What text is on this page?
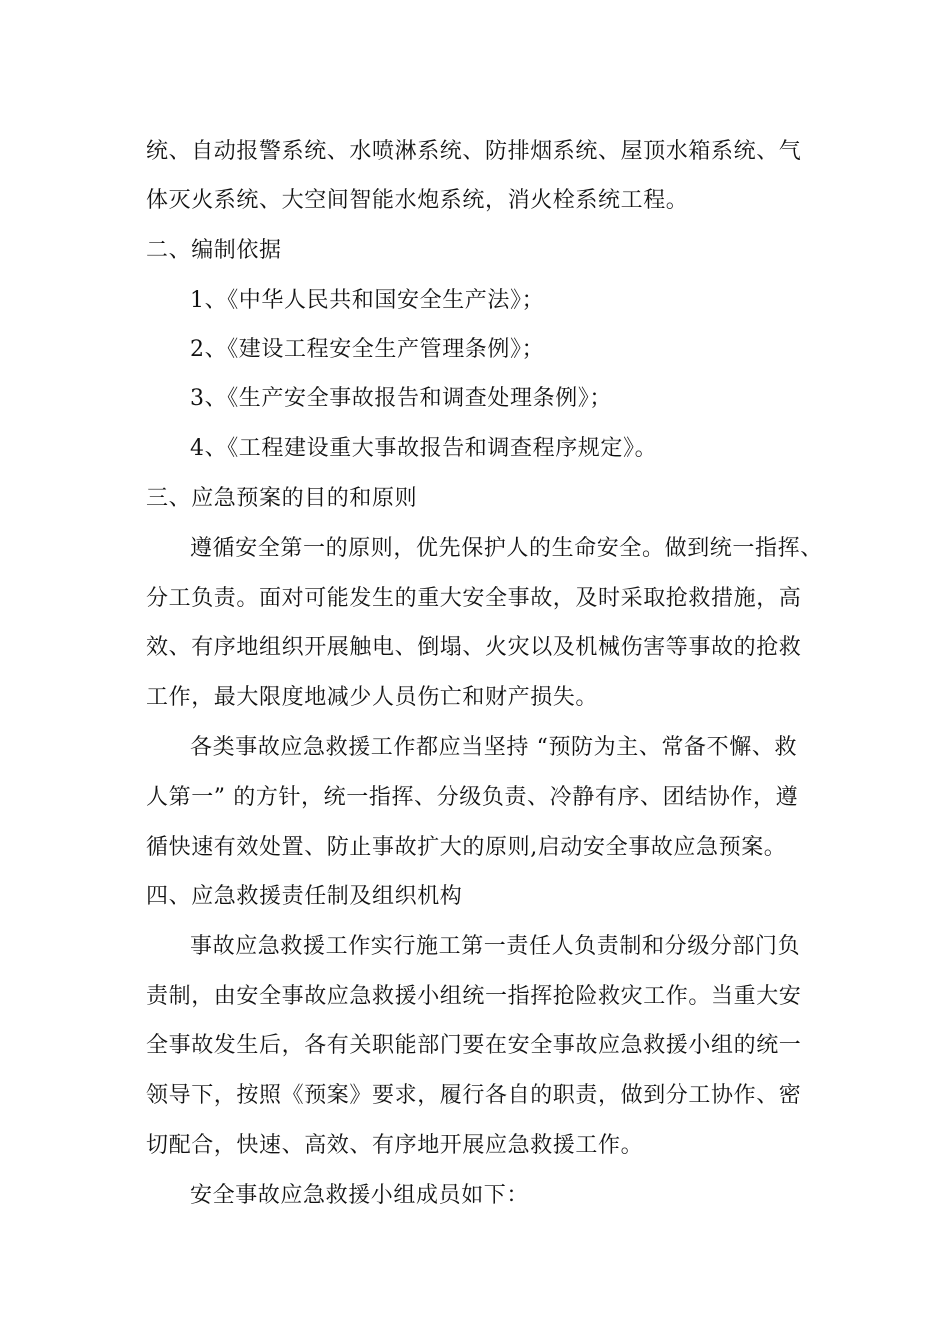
统、自动报警系统、水喷淋系统、防排烟系统、屋顶水箱系统、气
体灭火系统、大空间智能水炮系统，消火栓系统工程。
二、编制依据
1、《中华人民共和国安全生产法》；
2、《建设工程安全生产管理条例》；
3、《生产安全事故报告和调查处理条例》；
4、《工程建设重大事故报告和调查程序规定》。
三、应急预案的目的和原则
遵循安全第一的原则，优先保护人的生命安全。做到统一指挥、
分工负责。面对可能发生的重大安全事故，及时采取抢救措施，高
效、有序地组织开展触电、倒塌、火灾以及机械伤害等事故的抢救
工作，最大限度地减少人员伤亡和财产损失。
各类事故应急救援工作都应当坚持 “预防为主、常备不懈、救
人第一” 的方针，统一指挥、分级负责、冷静有序、团结协作，遵
循快速有效处置、防止事故扩大的原则,启动安全事故应急预案。
四、应急救援责任制及组织机构
事故应急救援工作实行施工第一责任人负责制和分级分部门负
责制，由安全事故应急救援小组统一指挥抢险救灾工作。当重大安
全事故发生后，各有关职能部门要在安全事故应急救援小组的统一
领导下，按照《预案》要求，履行各自的职责，做到分工协作、密
切配合，快速、高效、有序地开展应急救援工作。
安全事故应急救援小组成员如下：
